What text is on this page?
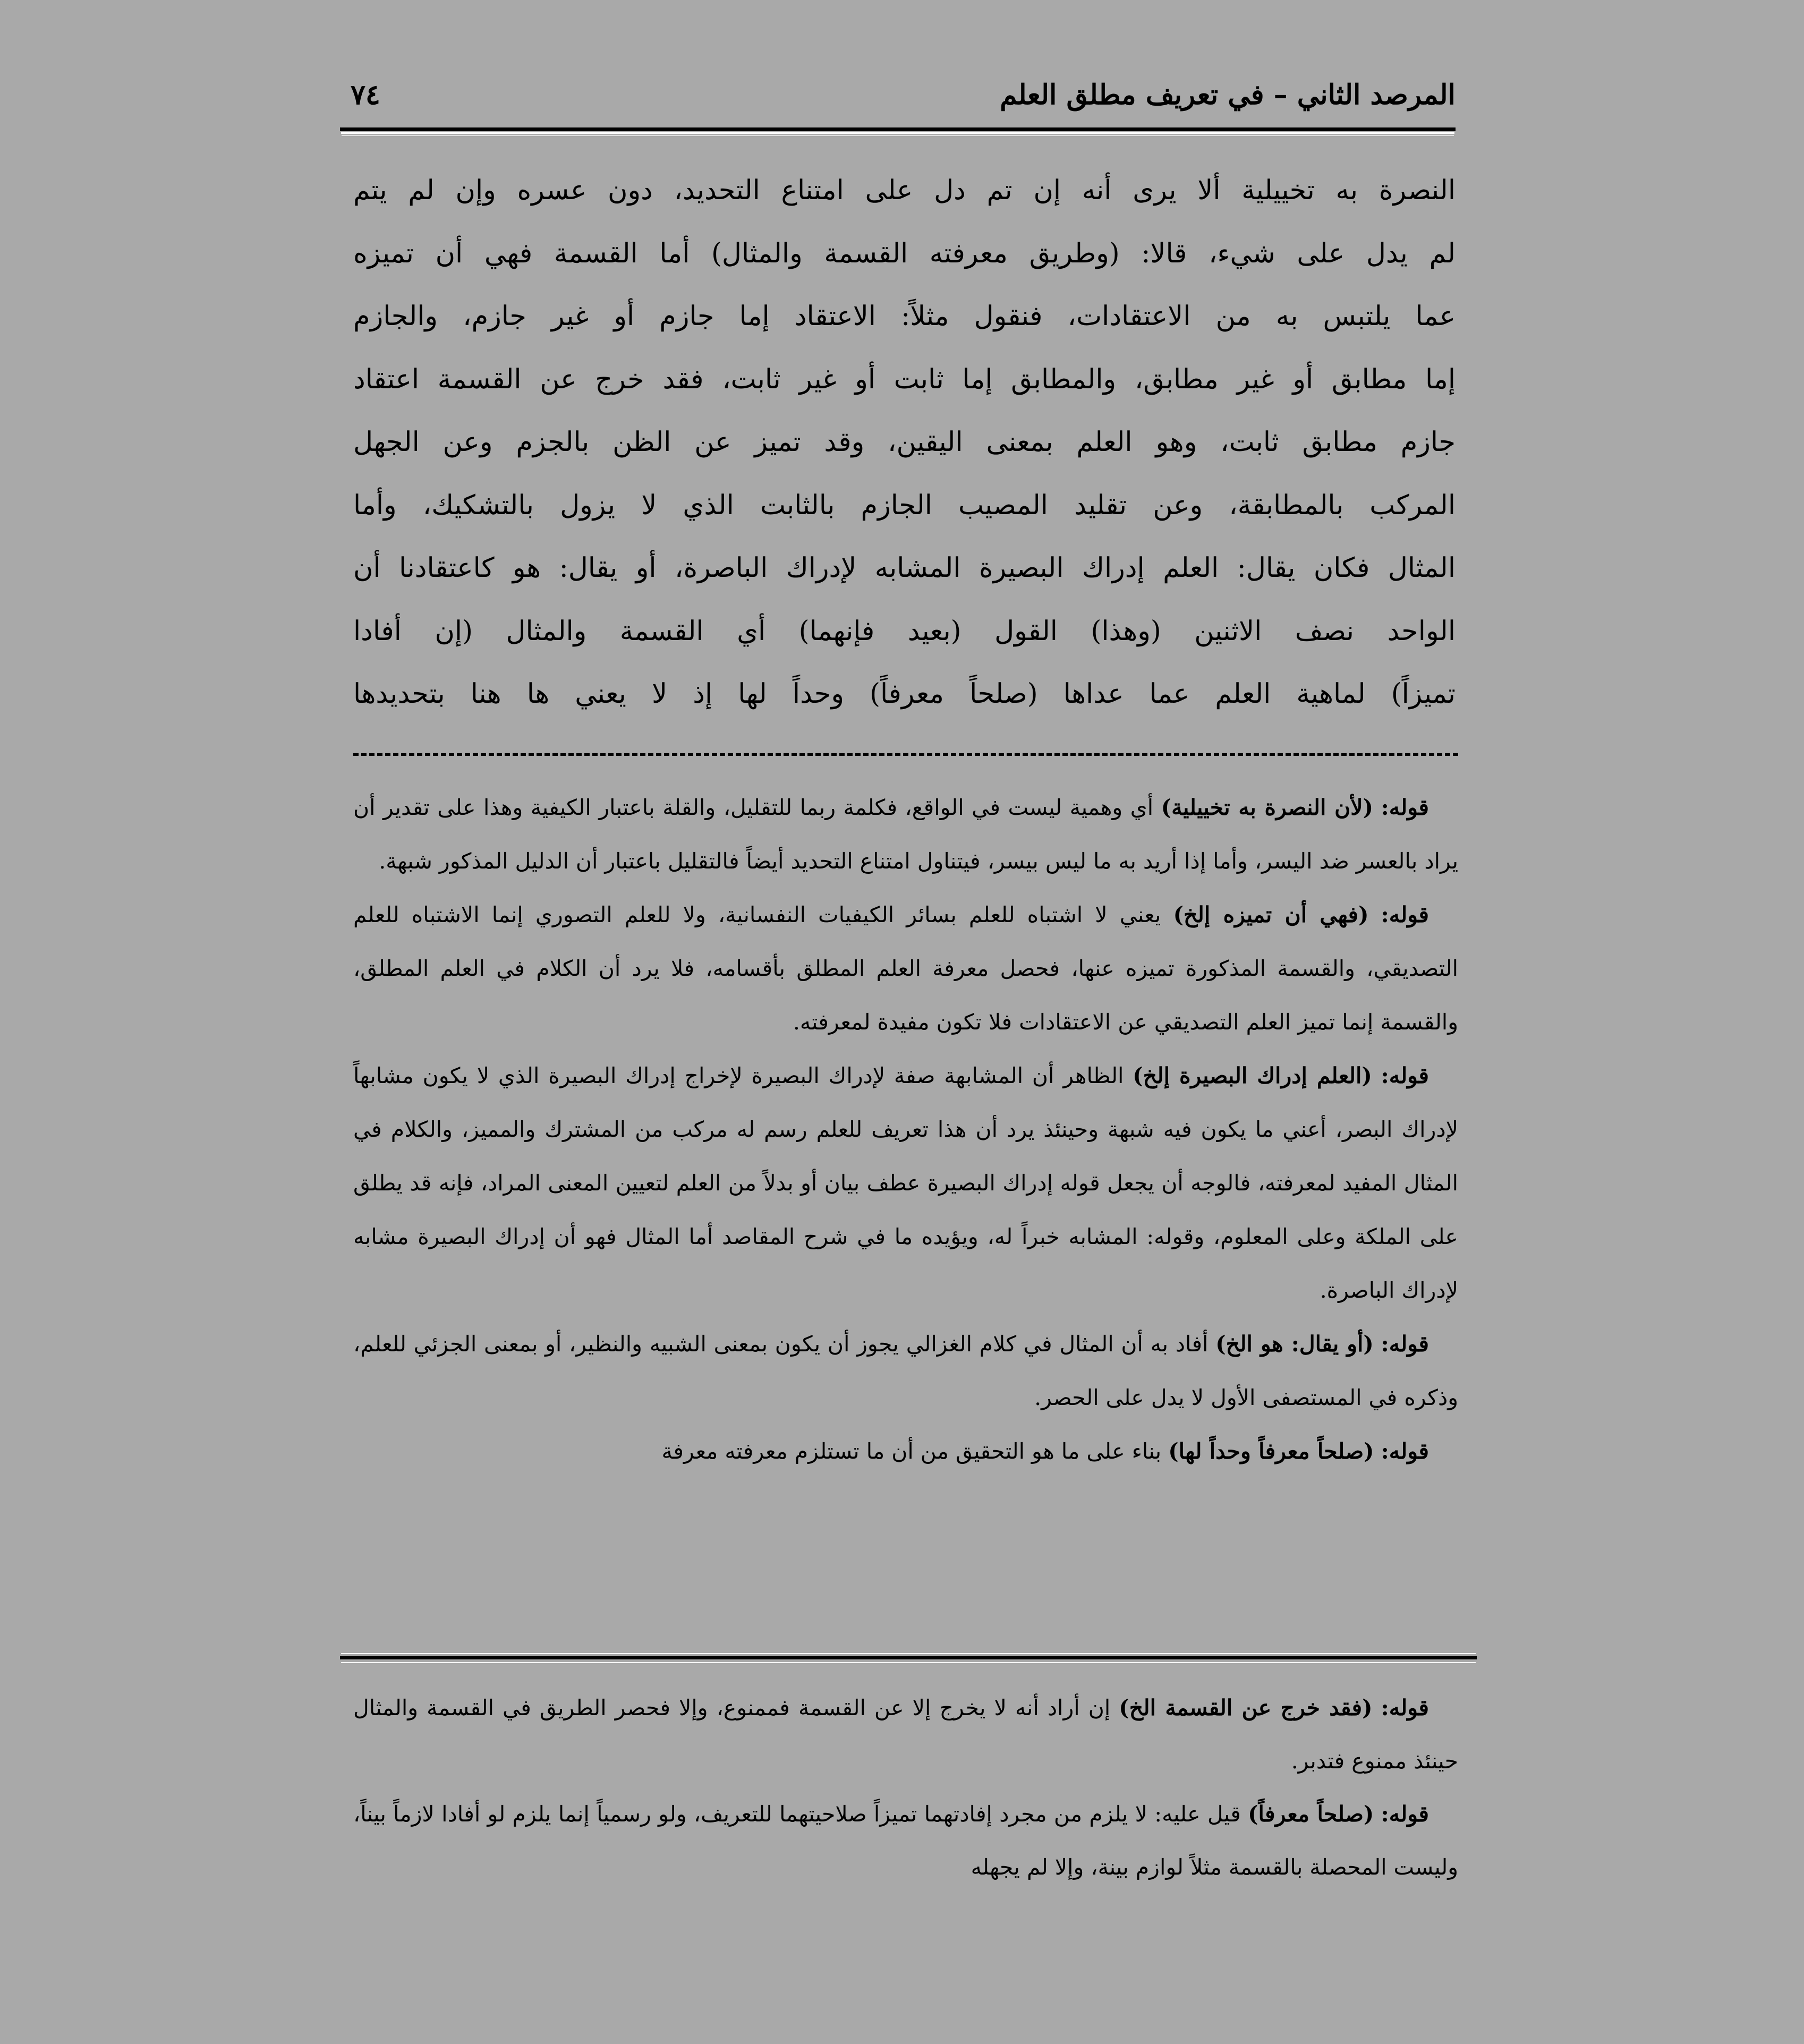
المرصد الثاني – في تعريف مطلق العلم
٧٤

النصرة به تخييلية ألا يرى أنه إن تم دل على امتناع التحديد، دون عسره وإن لم يتم

لم يدل على شيء، قالا: (وطريق معرفته القسمة والمثال) أما القسمة فهي أن تميزه

عما يلتبس به من الاعتقادات، فنقول مثلاً: الاعتقاد إما جازم أو غير جازم، والجازم

إما مطابق أو غير مطابق، والمطابق إما ثابت أو غير ثابت، فقد خرج عن القسمة اعتقاد

جازم مطابق ثابت، وهو العلم بمعنى اليقين، وقد تميز عن الظن بالجزم وعن الجهل

المركب بالمطابقة، وعن تقليد المصيب الجازم بالثابت الذي لا يزول بالتشكيك، وأما

المثال فكان يقال: العلم إدراك البصيرة المشابه لإدراك الباصرة، أو يقال: هو كاعتقادنا أن

الواحد نصف الاثنين (وهذا) القول (بعيد فإنهما) أي القسمة والمثال (إن أفادا

تميزاً) لماهية العلم عما عداها (صلحاً معرفاً) وحداً لها إذ لا يعني ها هنا بتحديدها

قوله: (لأن النصرة به تخييلية) أي وهمية ليست في الواقع، فكلمة ربما للتقليل، والقلة باعتبار الكيفية وهذا على تقدير أن يراد بالعسر ضد اليسر، وأما إذا أريد به ما ليس بيسر، فيتناول امتناع التحديد أيضاً فالتقليل باعتبار أن الدليل المذكور شبهة.

قوله: (فهي أن تميزه إلخ) يعني لا اشتباه للعلم بسائر الكيفيات النفسانية، ولا للعلم التصوري إنما الاشتباه للعلم التصديقي، والقسمة المذكورة تميزه عنها، فحصل معرفة العلم المطلق بأقسامه، فلا يرد أن الكلام في العلم المطلق، والقسمة إنما تميز العلم التصديقي عن الاعتقادات فلا تكون مفيدة لمعرفته.

قوله: (العلم إدراك البصيرة إلخ) الظاهر أن المشابهة صفة لإدراك البصيرة لإخراج إدراك البصيرة الذي لا يكون مشابهاً لإدراك البصر، أعني ما يكون فيه شبهة وحينئذ يرد أن هذا تعريف للعلم رسم له مركب من المشترك والمميز، والكلام في المثال المفيد لمعرفته، فالوجه أن يجعل قوله إدراك البصيرة عطف بيان أو بدلاً من العلم لتعيين المعنى المراد، فإنه قد يطلق على الملكة وعلى المعلوم، وقوله: المشابه خبراً له، ويؤيده ما في شرح المقاصد أما المثال فهو أن إدراك البصيرة مشابه لإدراك الباصرة.

قوله: (أو يقال: هو الخ) أفاد به أن المثال في كلام الغزالي يجوز أن يكون بمعنى الشبيه والنظير، أو بمعنى الجزئي للعلم، وذكره في المستصفى الأول لا يدل على الحصر.

قوله: (صلحاً معرفاً وحداً لها) بناء على ما هو التحقيق من أن ما تستلزم معرفته معرفة

قوله: (فقد خرج عن القسمة الخ) إن أراد أنه لا يخرج إلا عن القسمة فممنوع، وإلا فحصر الطريق في القسمة والمثال حينئذ ممنوع فتدبر.

قوله: (صلحاً معرفاً) قيل عليه: لا يلزم من مجرد إفادتهما تميزاً صلاحيتهما للتعريف، ولو رسمياً إنما يلزم لو أفادا لازماً بيناً، وليست المحصلة بالقسمة مثلاً لوازم بينة، وإلا لم يجهله
